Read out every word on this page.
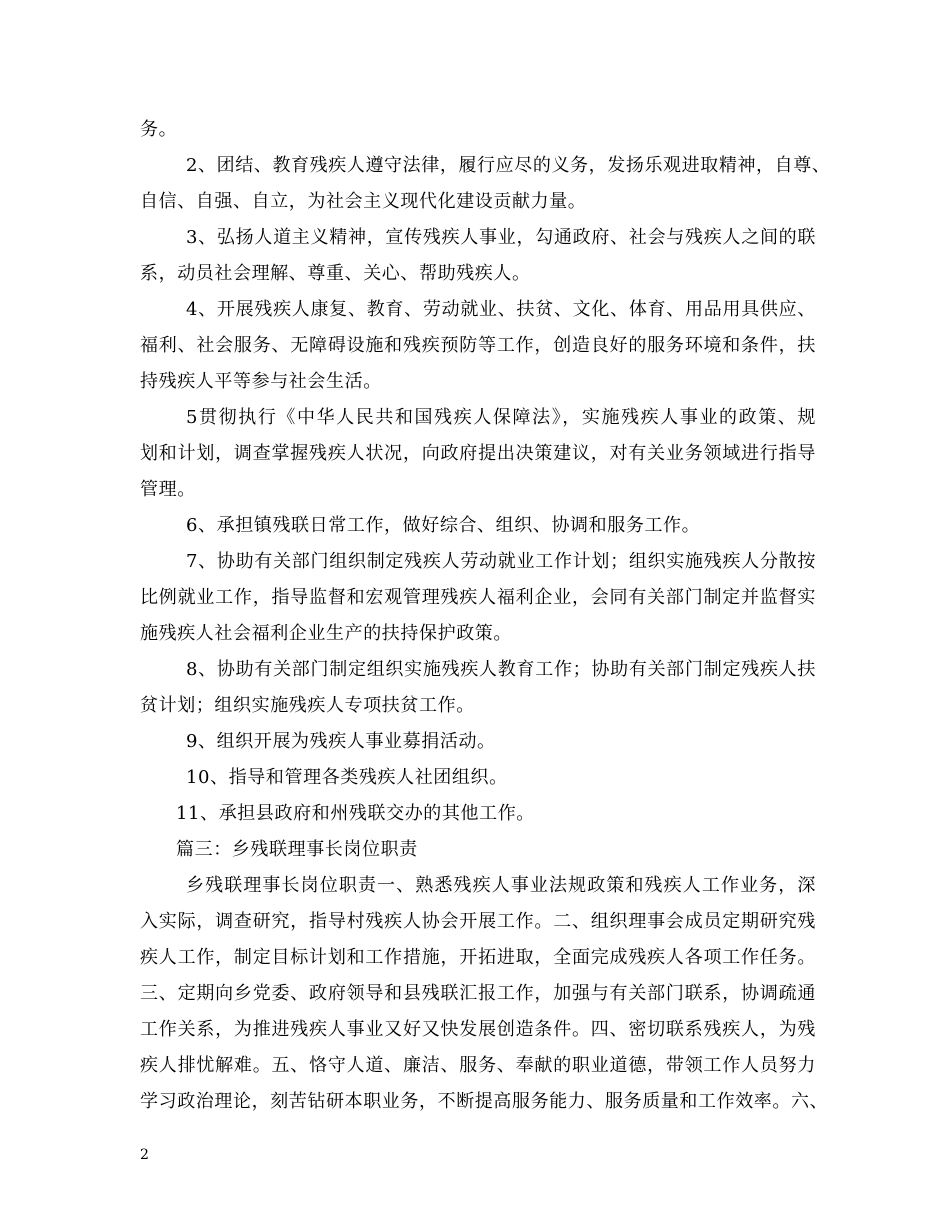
务。
2、团结、教育残疾人遵守法律，履行应尽的义务，发扬乐观进取精神，自尊、
自信、自强、自立，为社会主义现代化建设贡献力量。
3、弘扬人道主义精神，宣传残疾人事业，勾通政府、社会与残疾人之间的联
系，动员社会理解、尊重、关心、帮助残疾人。
4、开展残疾人康复、教育、劳动就业、扶贫、文化、体育、用品用具供应、
福利、社会服务、无障碍设施和残疾预防等工作，创造良好的服务环境和条件，扶
持残疾人平等参与社会生活。
5贯彻执行《中华人民共和国残疾人保障法》，实施残疾人事业的政策、规
划和计划，调查掌握残疾人状况，向政府提出决策建议，对有关业务领域进行指导
管理。
6、承担镇残联日常工作，做好综合、组织、协调和服务工作。
7、协助有关部门组织制定残疾人劳动就业工作计划；组织实施残疾人分散按
比例就业工作，指导监督和宏观管理残疾人福利企业，会同有关部门制定并监督实
施残疾人社会福利企业生产的扶持保护政策。
8、协助有关部门制定组织实施残疾人教育工作；协助有关部门制定残疾人扶
贫计划；组织实施残疾人专项扶贫工作。
9、组织开展为残疾人事业募捐活动。
10、指导和管理各类残疾人社团组织。
11、承担县政府和州残联交办的其他工作。
篇三：乡残联理事长岗位职责
乡残联理事长岗位职责一、熟悉残疾人事业法规政策和残疾人工作业务，深
入实际，调查研究，指导村残疾人协会开展工作。二、组织理事会成员定期研究残
疾人工作，制定目标计划和工作措施，开拓进取，全面完成残疾人各项工作任务。
三、定期向乡党委、政府领导和县残联汇报工作，加强与有关部门联系，协调疏通
工作关系，为推进残疾人事业又好又快发展创造条件。四、密切联系残疾人，为残
疾人排忧解难。五、恪守人道、廉洁、服务、奉献的职业道德，带领工作人员努力
学习政治理论，刻苦钻研本职业务，不断提高服务能力、服务质量和工作效率。六、
2
